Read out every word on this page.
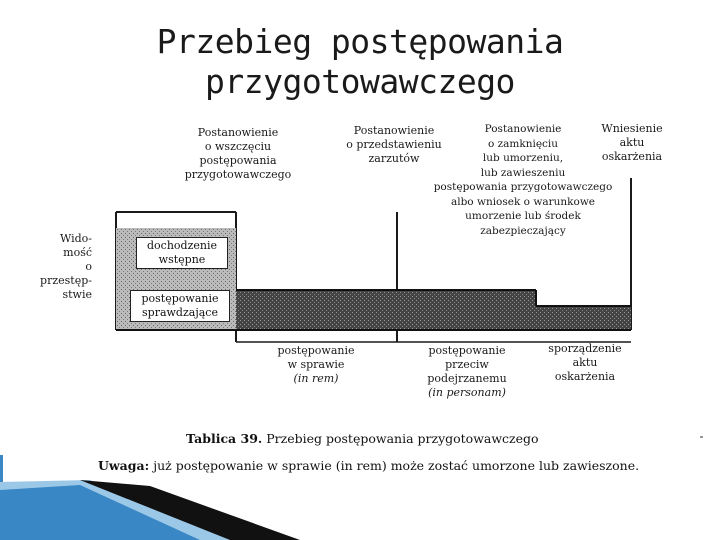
Przebieg postępowania
przygotowawczego
Postanowienie
o wszczęciu
postępowania
przygotowawczego
Postanowienie
o przedstawieniu
zarzutów
Postanowienie
o zamknięciu
lub umorzeniu,
lub zawieszeniu
postępowania przygotowawczego
albo wniosek o warunkowe
umorzenie lub środek
zabezpieczający
Wniesienie
aktu
oskarżenia
Wido-
mość
o przestęp-
stwie
dochodzenie
wstępne
postępowanie
sprawdzające
postępowanie
w sprawie
(in rem)
postępowanie
przeciw
podejrzanemu
(in personam)
sporządzenie
aktu
oskarżenia
Tablica 39. Przebieg postępowania przygotowawczego
Uwaga: już postępowanie w sprawie (in rem) może zostać umorzone lub zawieszone.
